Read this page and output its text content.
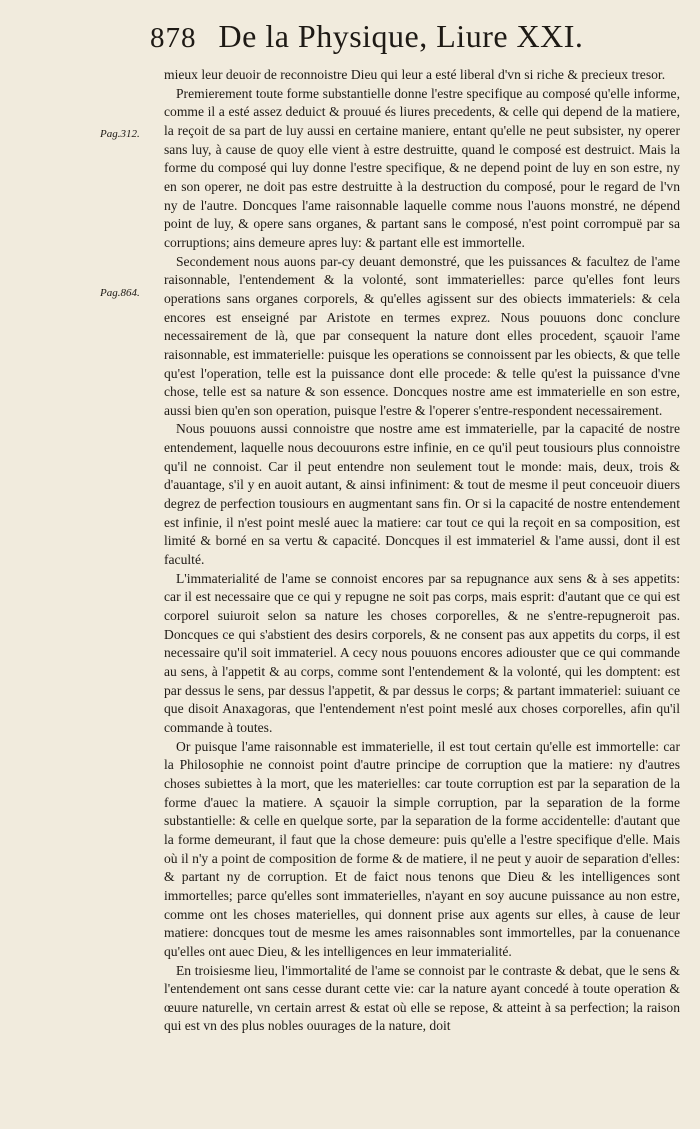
878 De la Physique, Liure XXI.
Pag.312.
Pag.864.

mieux leur deuoir de reconnoistre Dieu qui leur a esté liberal d'vn si riche & precieux tresor.

Premierement toute forme substantielle donne l'estre specifique au composé qu'elle informe, comme il a esté assez deduict & prouué és liures precedents, & celle qui depend de la matiere, la reçoit de sa part de luy aussi en certaine maniere, entant qu'elle ne peut subsister, ny operer sans luy, à cause de quoy elle vient à estre destruitte, quand le composé est destruict. Mais la forme du composé qui luy donne l'estre specifique, & ne depend point de luy en son estre, ny en son operer, ne doit pas estre destruitte à la destruction du composé, pour le regard de l'vn ny de l'autre. Doncques l'ame raisonnable laquelle comme nous l'auons monstré, ne dépend point de luy, & opere sans organes, & partant sans le composé, n'est point corrompuë par sa corruptions; ains demeure apres luy: & partant elle est immortelle.

Secondement nous auons par-cy deuant demonstré, que les puissances & facultez de l'ame raisonnable, l'entendement & la volonté, sont immaterielles: parce qu'elles font leurs operations sans organes corporels, & qu'elles agissent sur des obiects immateriels: & cela encores est enseigné par Aristote en termes exprez. Nous pouuons donc conclure necessairement de là, que par consequent la nature dont elles procedent, sçauoir l'ame raisonnable, est immaterielle: puisque les operations se connoissent par les obiects, & que telle qu'est l'operation, telle est la puissance dont elle procede: & telle qu'est la puissance d'vne chose, telle est sa nature & son essence. Doncques nostre ame est immaterielle en son estre, aussi bien qu'en son operation, puisque l'estre & l'operer s'entre-respondent necessairement.

Nous pouuons aussi connoistre que nostre ame est immaterielle, par la capacité de nostre entendement, laquelle nous decouurons estre infinie, en ce qu'il peut tousiours plus connoistre qu'il ne connoist. Car il peut entendre non seulement tout le monde: mais, deux, trois & d'auantage, s'il y en auoit autant, & ainsi infiniment: & tout de mesme il peut conceuoir diuers degrez de perfection tousiours en augmentant sans fin. Or si la capacité de nostre entendement est infinie, il n'est point meslé auec la matiere: car tout ce qui la reçoit en sa composition, est limité & borné en sa vertu & capacité. Doncques il est immateriel & l'ame aussi, dont il est faculté.

L'immaterialité de l'ame se connoist encores par sa repugnance aux sens & à ses appetits: car il est necessaire que ce qui y repugne ne soit pas corps, mais esprit: d'autant que ce qui est corporel suiuroit selon sa nature les choses corporelles, & ne s'entre-repugneroit pas. Doncques ce qui s'abstient des desirs corporels, & ne consent pas aux appetits du corps, il est necessaire qu'il soit immateriel. A cecy nous pouuons encores adiouster que ce qui commande au sens, à l'appetit & au corps, comme sont l'entendement & la volonté, qui les domptent: est par dessus le sens, par dessus l'appetit, & par dessus le corps; & partant immateriel: suiuant ce que disoit Anaxagoras, que l'entendement n'est point meslé aux choses corporelles, afin qu'il commande à toutes.

Or puisque l'ame raisonnable est immaterielle, il est tout certain qu'elle est immortelle: car la Philosophie ne connoist point d'autre principe de corruption que la matiere: ny d'autres choses subiettes à la mort, que les materielles: car toute corruption est par la separation de la forme d'auec la matiere. A sçauoir la simple corruption, par la separation de la forme substantielle: & celle en quelque sorte, par la separation de la forme accidentelle: d'autant que la forme demeurant, il faut que la chose demeure: puis qu'elle a l'estre specifique d'elle. Mais où il n'y a point de composition de forme & de matiere, il ne peut y auoir de separation d'elles: & partant ny de corruption. Et de faict nous tenons que Dieu & les intelligences sont immortelles; parce qu'elles sont immaterielles, n'ayant en soy aucune puissance au non estre, comme ont les choses materielles, qui donnent prise aux agents sur elles, à cause de leur matiere: doncques tout de mesme les ames raisonnables sont immortelles, par la conuenance qu'elles ont auec Dieu, & les intelligences en leur immaterialité.

En troisiesme lieu, l'immortalité de l'ame se connoist par le contraste & debat, que le sens & l'entendement ont sans cesse durant cette vie: car la nature ayant concedé à toute operation & œuure naturelle, vn certain arrest & estat où elle se repose, & atteint à sa perfection; la raison qui est vn des plus nobles ouurages de la nature, doit
